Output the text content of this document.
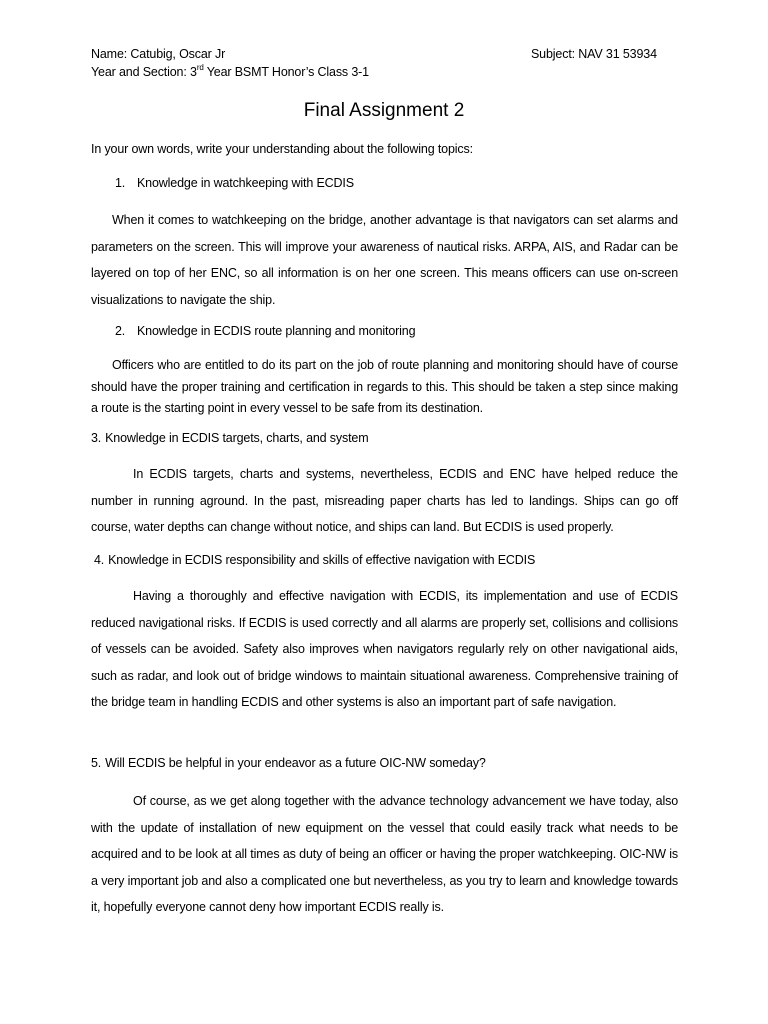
Name: Catubig, Oscar Jr	Subject: NAV 31 53934
Year and Section: 3rd Year BSMT Honor’s Class 3-1
Final Assignment 2
In your own words, write your understanding about the following topics:
1. Knowledge in watchkeeping with ECDIS
When it comes to watchkeeping on the bridge, another advantage is that navigators can set alarms and parameters on the screen. This will improve your awareness of nautical risks. ARPA, AIS, and Radar can be layered on top of her ENC, so all information is on her one screen. This means officers can use on-screen visualizations to navigate the ship.
2. Knowledge in ECDIS route planning and monitoring
Officers who are entitled to do its part on the job of route planning and monitoring should have of course should have the proper training and certification in regards to this. This should be taken a step since making a route is the starting point in every vessel to be safe from its destination.
3. Knowledge in ECDIS targets, charts, and system
In ECDIS targets, charts and systems, nevertheless, ECDIS and ENC have helped reduce the number in running aground. In the past, misreading paper charts has led to landings. Ships can go off course, water depths can change without notice, and ships can land. But ECDIS is used properly.
4. Knowledge in ECDIS responsibility and skills of effective navigation with ECDIS
Having a thoroughly and effective navigation with ECDIS, its implementation and use of ECDIS reduced navigational risks. If ECDIS is used correctly and all alarms are properly set, collisions and collisions of vessels can be avoided. Safety also improves when navigators regularly rely on other navigational aids, such as radar, and look out of bridge windows to maintain situational awareness. Comprehensive training of the bridge team in handling ECDIS and other systems is also an important part of safe navigation.
5. Will ECDIS be helpful in your endeavor as a future OIC-NW someday?
Of course, as we get along together with the advance technology advancement we have today, also with the update of installation of new equipment on the vessel that could easily track what needs to be acquired and to be look at all times as duty of being an officer or having the proper watchkeeping. OIC-NW is a very important job and also a complicated one but nevertheless, as you try to learn and knowledge towards it, hopefully everyone cannot deny how important ECDIS really is.
